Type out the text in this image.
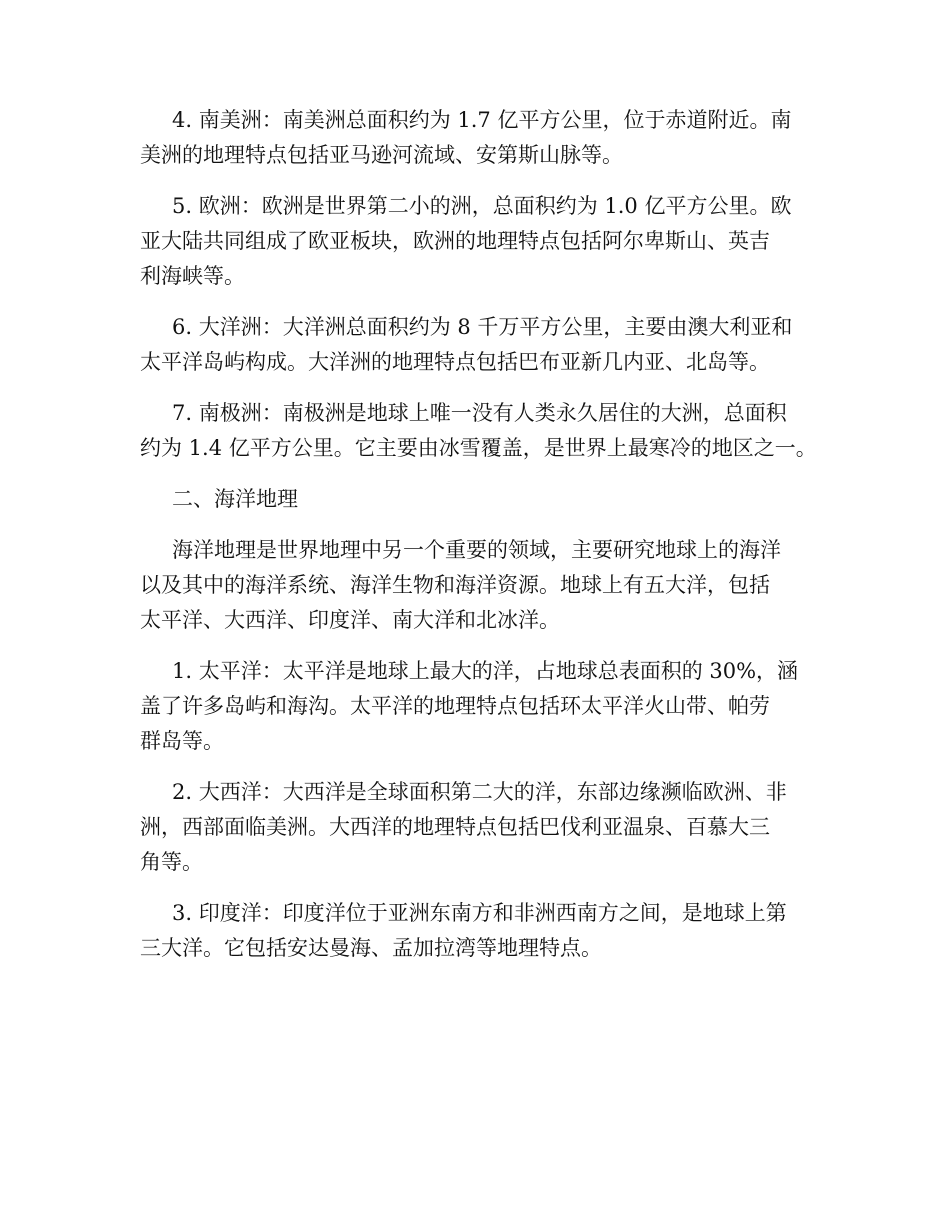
4. 南美洲：南美洲总面积约为 1.7 亿平方公里，位于赤道附近。南
美洲的地理特点包括亚马逊河流域、安第斯山脉等。

5. 欧洲：欧洲是世界第二小的洲，总面积约为 1.0 亿平方公里。欧
亚大陆共同组成了欧亚板块，欧洲的地理特点包括阿尔卑斯山、英吉
利海峡等。

6. 大洋洲：大洋洲总面积约为 8 千万平方公里，主要由澳大利亚和
太平洋岛屿构成。大洋洲的地理特点包括巴布亚新几内亚、北岛等。

7. 南极洲：南极洲是地球上唯一没有人类永久居住的大洲，总面积
约为 1.4 亿平方公里。它主要由冰雪覆盖，是世界上最寒冷的地区之一。

二、海洋地理

海洋地理是世界地理中另一个重要的领域，主要研究地球上的海洋
以及其中的海洋系统、海洋生物和海洋资源。地球上有五大洋，包括
太平洋、大西洋、印度洋、南大洋和北冰洋。

1. 太平洋：太平洋是地球上最大的洋，占地球总表面积的 30%，涵
盖了许多岛屿和海沟。太平洋的地理特点包括环太平洋火山带、帕劳
群岛等。

2. 大西洋：大西洋是全球面积第二大的洋，东部边缘濒临欧洲、非
洲，西部面临美洲。大西洋的地理特点包括巴伐利亚温泉、百慕大三
角等。

3. 印度洋：印度洋位于亚洲东南方和非洲西南方之间，是地球上第
三大洋。它包括安达曼海、孟加拉湾等地理特点。
